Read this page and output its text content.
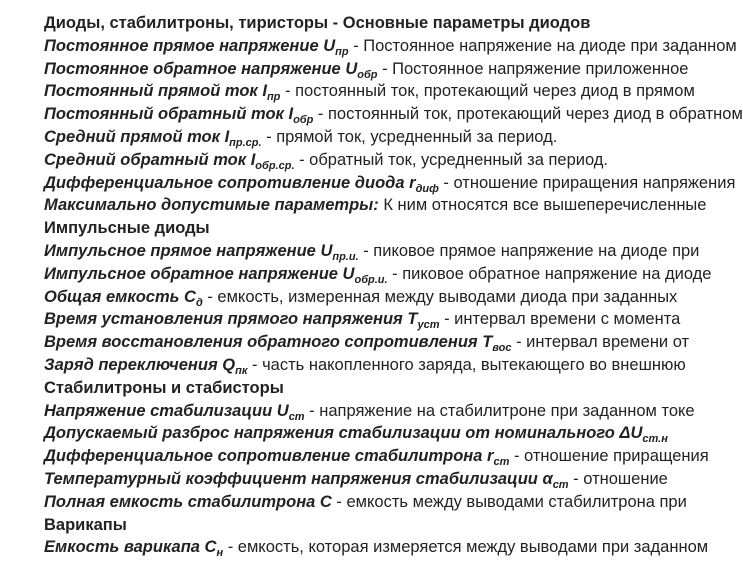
Диоды, стабилитроны, тиристоры - Основные параметры диодов
Постоянное прямое напряжение $U_{пр}$ - Постоянное напряжение на диоде при заданном
Постоянное обратное напряжение $U_{обр}$ - Постоянное напряжение приложенное
Постоянный прямой ток $I_{пр}$ - постоянный ток, протекающий через диод в прямом
Постоянный обратный ток $I_{обр}$ - постоянный ток, протекающий через диод в обратном
Средний прямой ток $I_{пр.ср.}$ - прямой ток, усредненный за период.
Средний обратный ток $I_{обр.ср.}$ - обратный ток, усредненный за период.
Дифференциальное сопротивление диода $r_{диф}$ - отношение приращения напряжения
Максимально допустимые параметры: К ним относятся все вышеперечисленные
Импульсные диоды
Импульсное прямое напряжение $U_{пр.и.}$ - пиковое прямое напряжение на диоде при
Импульсное обратное напряжение $U_{обр.и.}$ - пиковое обратное напряжение на диоде
Общая емкость $C_д$ - емкость, измеренная между выводами диода при заданных
Время установления прямого напряжения $T_{уст}$ - интервал времени с момента
Время восстановления обратного сопротивления $T_{вос}$ - интервал времени от
Заряд переключения $Q_{пк}$ - часть накопленного заряда, вытекающего во внешнюю
Стабилитроны и стабисторы
Напряжение стабилизации $U_{ст}$ - напряжение на стабилитроне при заданном токе
Допускаемый разброс напряжения стабилизации от номинального $\Delta U_{ст.н}$
Дифференциальное сопротивление стабилитрона $r_{ст}$ - отношение приращения
Температурный коэффициент напряжения стабилизации $\alpha_{ст}$ - отношение
Полная емкость стабилитрона C - емкость между выводами стабилитрона при
Варикапы
Емкость варикапа $C_н$ - емкость, которая измеряется между выводами при заданном
